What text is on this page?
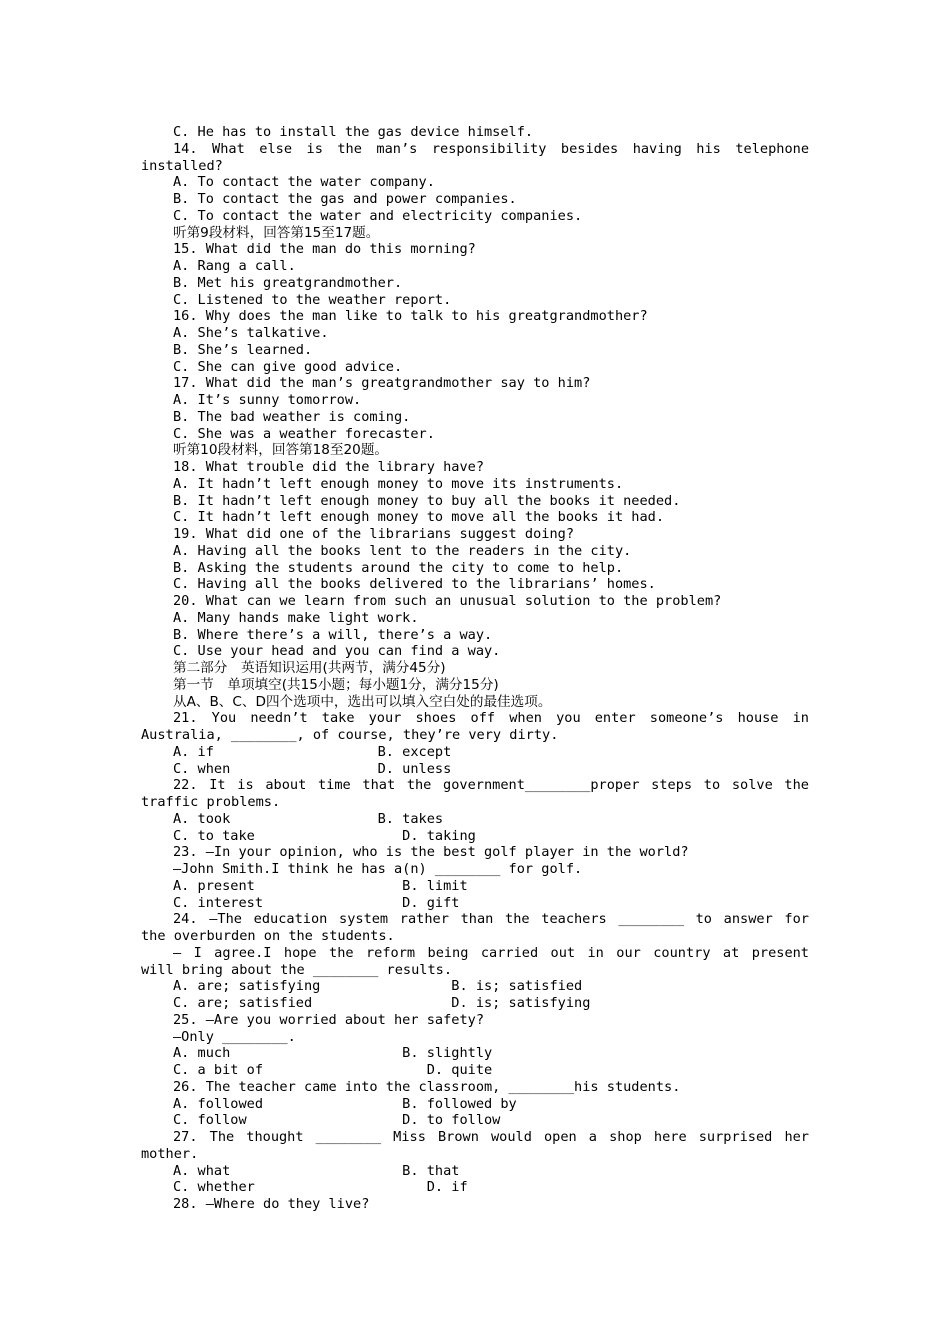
C. He has to install the gas device himself.
14. What else is the man’s responsibility besides having his telephone
installed?
A. To contact the water company.
B. To contact the gas and power companies.
C. To contact the water and electricity companies.
听第9段材料，回答第15至17题。
15. What did the man do this morning?
A. Rang a call.
B. Met his greatgrandmother.
C. Listened to the weather report.
16. Why does the man like to talk to his greatgrandmother?
A. She’s talkative.
B. She’s learned.
C. She can give good advice.
17. What did the man’s greatgrandmother say to him?
A. It’s sunny tomorrow.
B. The bad weather is coming.
C. She was a weather forecaster.
听第10段材料，回答第18至20题。
18. What trouble did the library have?
A. It hadn’t left enough money to move its instruments.
B. It hadn’t left enough money to buy all the books it needed.
C. It hadn’t left enough money to move all the books it had.
19. What did one of the librarians suggest doing?
A. Having all the books lent to the readers in the city.
B. Asking the students around the city to come to help.
C. Having all the books delivered to the librarians’ homes.
20. What can we learn from such an unusual solution to the problem?
A. Many hands make light work.
B. Where there’s a will, there’s a way.
C. Use your head and you can find a way.
第二部分　英语知识运用(共两节，满分45分)
第一节　单项填空(共15小题；每小题1分，满分15分)
从A、B、C、D四个选项中，选出可以填入空白处的最佳选项。
21. You needn’t take your shoes off when you enter someone’s house in
Australia, ________, of course, they’re very dirty.
A. if                    B. except
C. when                  D. unless
22. It is about time that the government________proper steps to solve the
traffic problems.
A. took                  B. takes
C. to take                  D. taking
23. —In your opinion, who is the best golf player in the world?
—John Smith.I think he has a(n) ________ for golf.
A. present                  B. limit
C. interest                 D. gift
24. —The education system rather than the teachers ________ to answer for
the overburden on the students.
— I agree.I hope the reform being carried out in our country at present
will bring about the ________ results.
A. are; satisfying                B. is; satisfied
C. are; satisfied                 D. is; satisfying
25. —Are you worried about her safety?
—Only ________.
A. much                     B. slightly
C. a bit of                    D. quite
26. The teacher came into the classroom, ________his students.
A. followed                 B. followed by
C. follow                   D. to follow
27. The thought ________ Miss Brown would open a shop here surprised her
mother.
A. what                     B. that
C. whether                     D. if
28. —Where do they live?
